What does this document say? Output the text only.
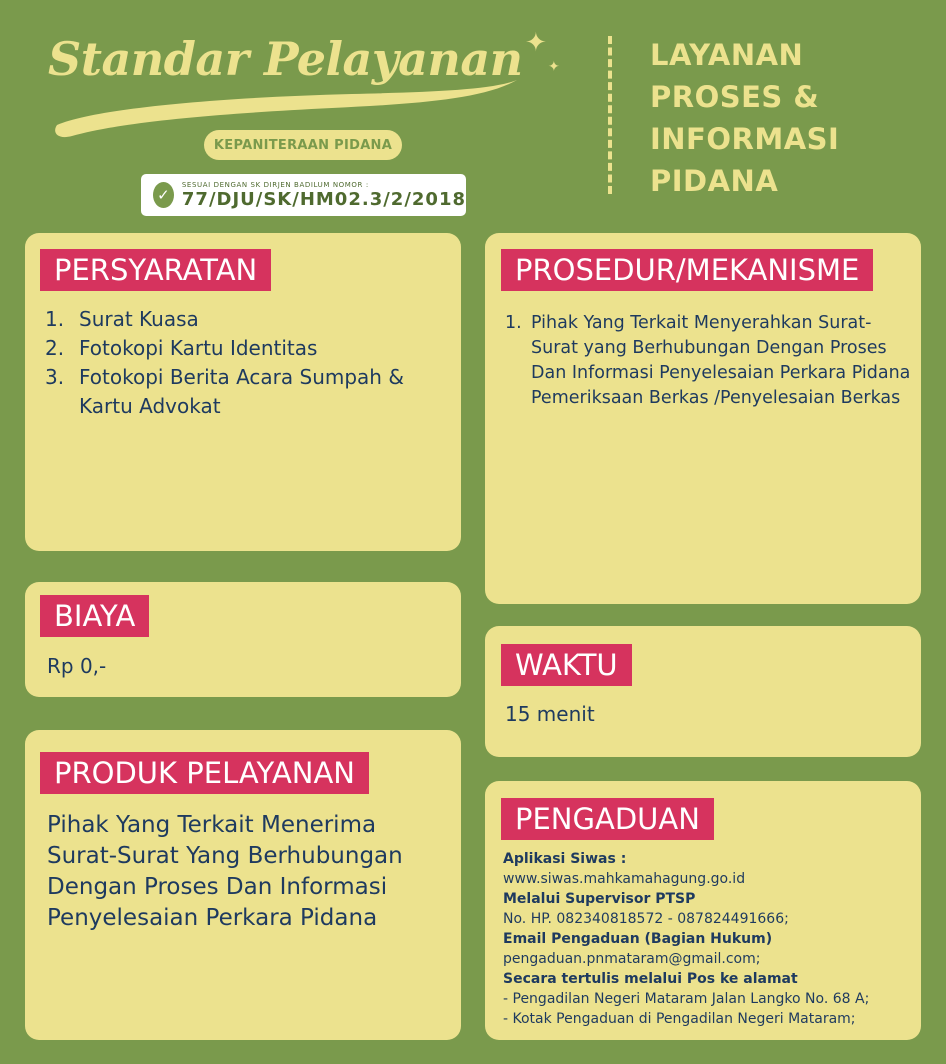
Standar Pelayanan ✦
✦
KEPANITERAAN PIDANA
✓
SESUAI DENGAN SK DIRJEN BADILUM NOMOR :
77/DJU/SK/HM02.3/2/2018
LAYANAN
PROSES &
INFORMASI
PIDANA
PERSYARATAN
1. Surat Kuasa
2. Fotokopi Kartu Identitas
3. Fotokopi Berita Acara Sumpah &
Kartu Advokat
PROSEDUR/MEKANISME
1. Pihak Yang Terkait Menyerahkan Surat-
Surat yang Berhubungan Dengan Proses
Dan Informasi Penyelesaian Perkara Pidana
Pemeriksaan Berkas /Penyelesaian Berkas
BIAYA
Rp 0,-	WAKTU
15 menit
PRODUK PELAYANAN
Pihak Yang Terkait Menerima
Surat-Surat Yang Berhubungan
Dengan Proses Dan Informasi
Penyelesaian Perkara Pidana
PENGADUAN
Aplikasi Siwas :
www.siwas.mahkamahagung.go.id
Melalui Supervisor PTSP
No. HP. 082340818572 - 087824491666;
Email Pengaduan (Bagian Hukum)
pengaduan.pnmataram@gmail.com;
Secara tertulis melalui Pos ke alamat
- Pengadilan Negeri Mataram Jalan Langko No. 68 A;
- Kotak Pengaduan di Pengadilan Negeri Mataram;
